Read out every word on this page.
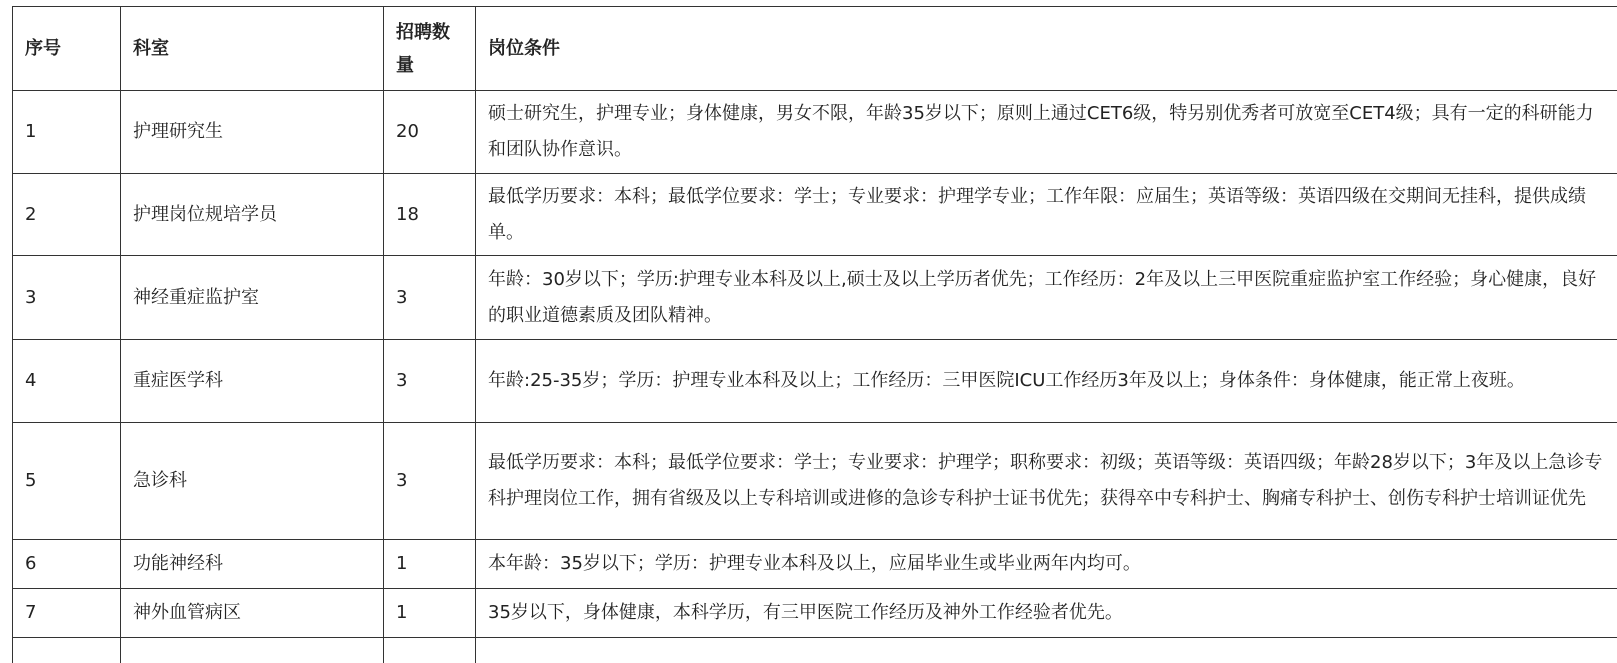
序号	科室	招聘数量	岗位条件
1	护理研究生	20	硕士研究生，护理专业；身体健康，男女不限，年龄35岁以下；原则上通过CET6级，特另别优秀者可放宽至CET4级；具有一定的科研能力和团队协作意识。
2	护理岗位规培学员	18	最低学历要求：本科；最低学位要求：学士；专业要求：护理学专业；工作年限：应届生；英语等级：英语四级在交期间无挂科，提供成绩单。
3	神经重症监护室	3	年龄：30岁以下；学历:护理专业本科及以上,硕士及以上学历者优先；工作经历：2年及以上三甲医院重症监护室工作经验；身心健康，良好的职业道德素质及团队精神。
4	重症医学科	3	年龄:25-35岁；学历：护理专业本科及以上；工作经历：三甲医院ICU工作经历3年及以上；身体条件：身体健康，能正常上夜班。
5	急诊科	3	最低学历要求：本科；最低学位要求：学士；专业要求：护理学；职称要求：初级；英语等级：英语四级；年龄28岁以下；3年及以上急诊专科护理岗位工作，拥有省级及以上专科培训或进修的急诊专科护士证书优先；获得卒中专科护士、胸痛专科护士、创伤专科护士培训证优先
6	功能神经科	1	本年龄：35岁以下；学历：护理专业本科及以上，应届毕业生或毕业两年内均可。
7	神外血管病区	1	35岁以下，身体健康，本科学历，有三甲医院工作经历及神外工作经验者优先。
